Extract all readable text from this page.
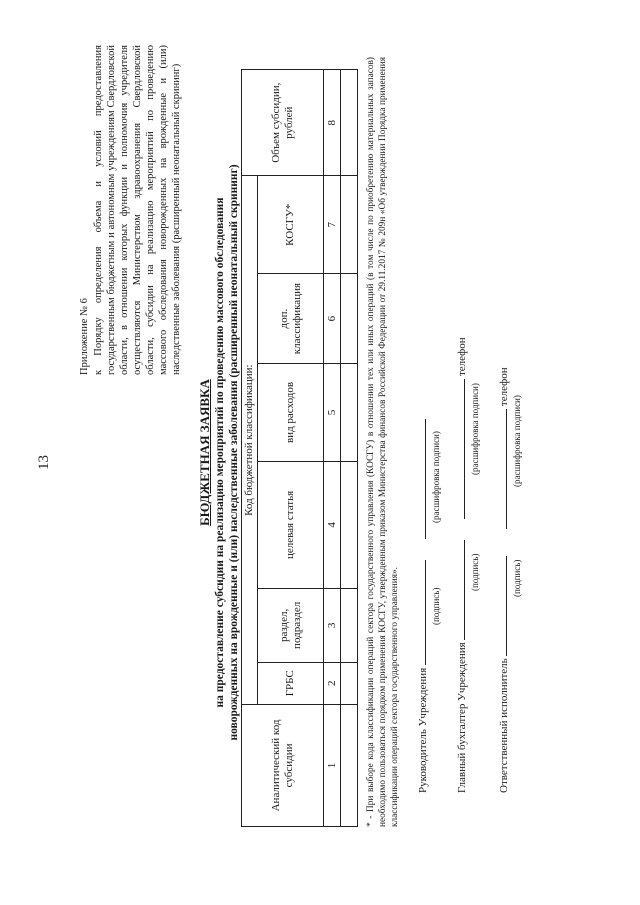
13
Приложение № 6 к Порядку определения объема и условий предоставления государственным бюджетным и автономным учреждениям Свердловской области, в отношении которых функции и полномочия учредителя осуществляются Министерством здравоохранения Свердловской области, субсидии на реализацию мероприятий по проведению массового обследования новорожденных на врожденные и (или) наследственные заболевания (расширенный неонатальный скрининг)
БЮДЖЕТНАЯ ЗАЯВКА на предоставление субсидии на реализацию мероприятий по проведению массового обследования новорожденных на врожденные и (или) наследственные заболевания (расширенный неонатальный скрининг)
Аналитический код субсидии	Код бюджетной классификации:						Объем субсидии, рублей
	ГРБС	раздел, подраздел	целевая статья	вид расходов	доп. классификация	КОСГУ*	
1	2	3	4	5	6	7	8
								* - При выборе кода классификации операций сектора государственного управления (КОСГУ) в отношении тех или иных операций (в том числе по приобретению материальных запасов) необходимо пользоваться порядком применения КОСГУ, утвержденным приказом Министерства финансов Российской Федерации от 29.11.2017 № 209н «Об утверждении Порядка применения классификации операций сектора государственного управления». Руководитель Учреждения
(подпись)
(расшифровка подписи)
Главный бухгалтер Учреждения   телефон
(подпись)
(расшифровка подписи)
Ответственный исполнитель   телефон
(подпись)
(расшифровка подписи)
